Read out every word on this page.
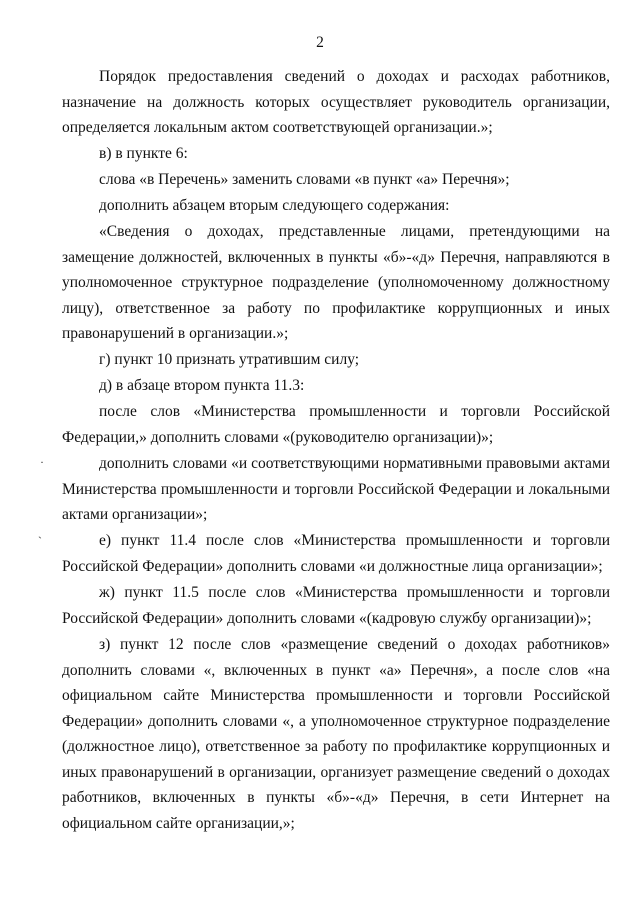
2

Порядок предоставления сведений о доходах и расходах работников, назначение на должность которых осуществляет руководитель организации, определяется локальным актом соответствующей организации.»;

в) в пункте 6:

слова «в Перечень» заменить словами «в пункт «а» Перечня»;

дополнить абзацем вторым следующего содержания:

«Сведения о доходах, представленные лицами, претендующими на замещение должностей, включенных в пункты «б»-«д» Перечня, направляются в уполномоченное структурное подразделение (уполномоченному должностному лицу), ответственное за работу по профилактике коррупционных и иных правонарушений в организации.»;

г) пункт 10 признать утратившим силу;

д) в абзаце втором пункта 11.3:

после слов «Министерства промышленности и торговли Российской Федерации,» дополнить словами «(руководителю организации)»;

дополнить словами «и соответствующими нормативными правовыми актами Министерства промышленности и торговли Российской Федерации и локальными актами организации»;

е) пункт 11.4 после слов «Министерства промышленности и торговли Российской Федерации» дополнить словами «и должностные лица организации»;

ж) пункт 11.5 после слов «Министерства промышленности и торговли Российской Федерации» дополнить словами «(кадровую службу организации)»;

з) пункт 12 после слов «размещение сведений о доходах работников» дополнить словами «, включенных в пункт «а» Перечня», а после слов «на официальном сайте Министерства промышленности и торговли Российской Федерации» дополнить словами «, а уполномоченное структурное подразделение (должностное лицо), ответственное за работу по профилактике коррупционных и иных правонарушений в организации, организует размещение сведений о доходах работников, включенных в пункты «б»-«д» Перечня, в сети Интернет на официальном сайте организации,»;

·
ˏ
